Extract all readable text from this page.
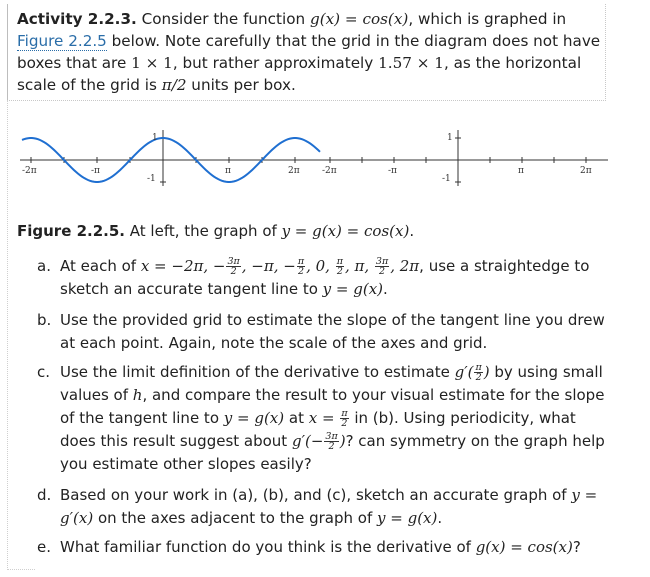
Activity 2.2.3. Consider the function g(x) = cos(x), which is graphed in
Figure 2.2.5 below. Note carefully that the grid in the diagram does not have boxes that are 1 × 1, but rather approximately 1.57 × 1, as the horizontal scale of the grid is π/2 units per box.
-2π	-π	π	2π
1
-1
-2π	-π	π	2π
1
-1
Figure 2.2.5. At left, the graph of y = g(x) = cos(x).
a. At each of x = −2π, − $\frac{3\pi}{2}$ , −π, − $\frac{\pi}{2}$ , 0, $\frac{\pi}{2}$ , π, $\frac{3\pi}{2}$ , 2π, use a straightedge to sketch an accurate tangent line to y = g(x).
b. Use the provided grid to estimate the slope of the tangent line you drew at each point. Again, note the scale of the axes and grid.
c. Use the limit definition of the derivative to estimate $g'( \frac{\pi}{2}$ ) by using small values of h, and compare the result to your visual estimate for the slope of the tangent line to y = g(x) at $x = \frac{\pi}{2}$ in (b). Using periodicity, what does this result suggest about $g'(- \frac{3\pi}{2}$ )? can symmetry on the graph help you estimate other slopes easily?
d. Based on your work in (a), (b), and (c), sketch an accurate graph of y = g′(x) on the axes adjacent to the graph of y = g(x).
e. What familiar function do you think is the derivative of g(x) = cos(x)?
